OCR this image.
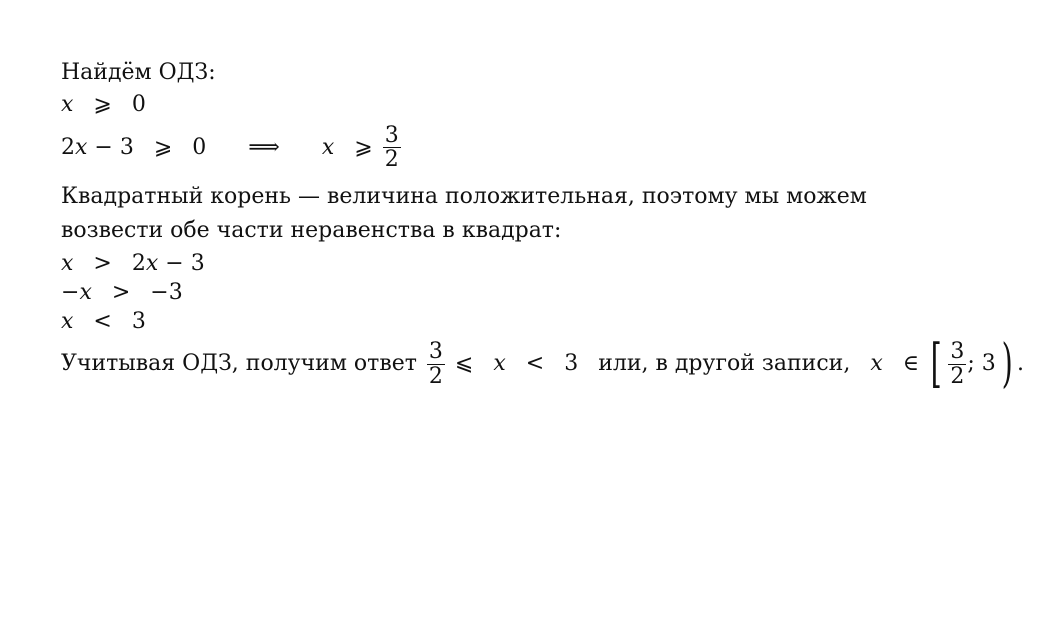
Найдём ОДЗ:
x ⩾ 0
2x − 3 ⩾ 0 ⟹ x ⩾ $\frac{3}{2}$
Квадратный корень — величина положительная, поэтому мы можем
возвести обе части неравенства в квадрат:
x > 2x − 3
−x > −3
x < 3
Учитывая ОДЗ, получим ответ $\frac{3}{2}$ ⩽ x < 3 или, в другой записи, x ∈ [ $\frac{3}{2}$ ; 3 ) .
